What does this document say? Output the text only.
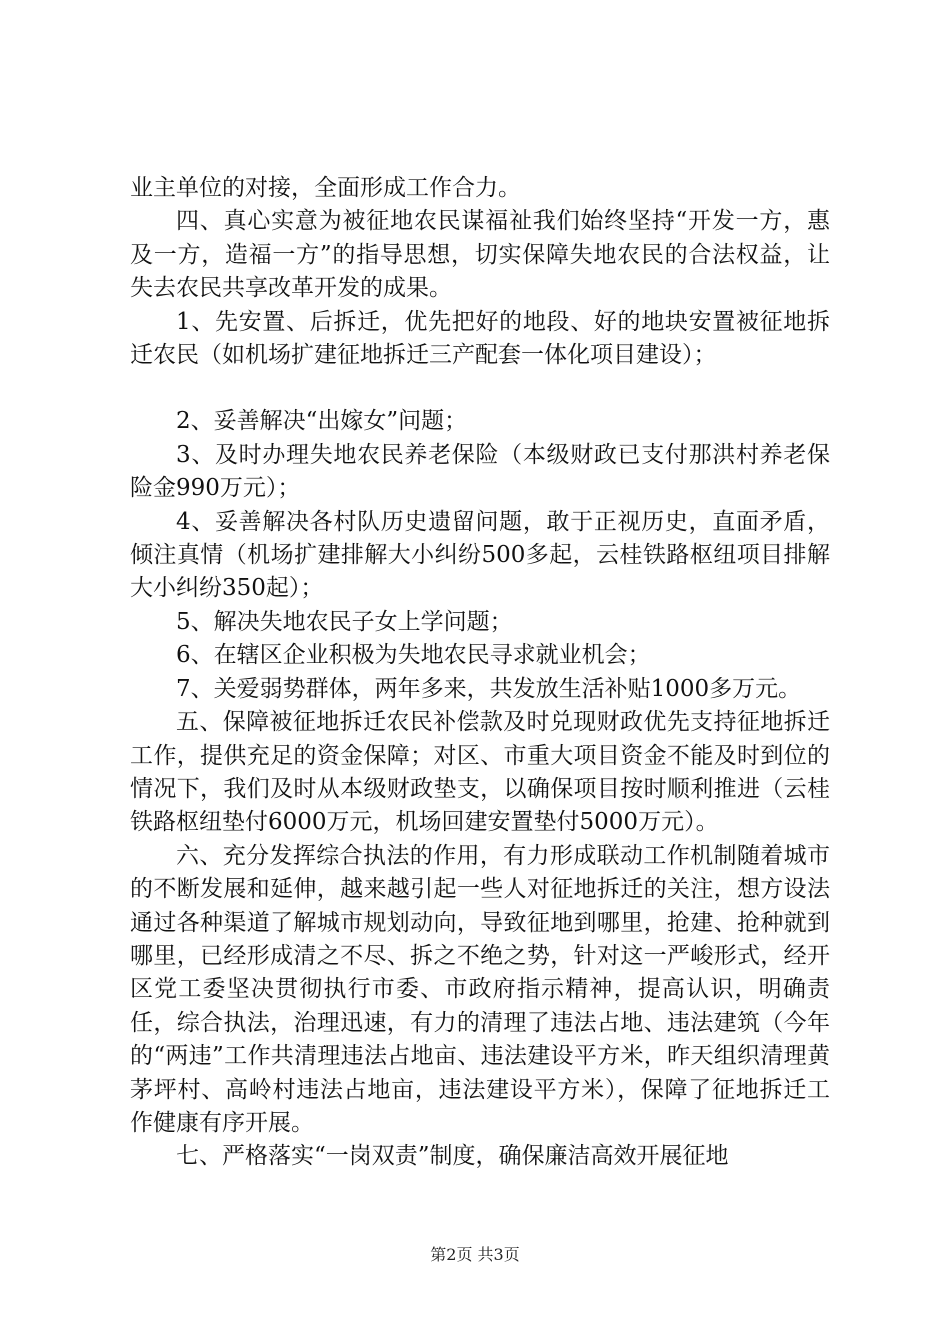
业主单位的对接，全面形成工作合力。

四、真心实意为被征地农民谋福祉我们始终坚持“开发一方，惠及一方，造福一方”的指导思想，切实保障失地农民的合法权益，让失去农民共享改革开发的成果。

1、先安置、后拆迁，优先把好的地段、好的地块安置被征地拆迁农民（如机场扩建征地拆迁三产配套一体化项目建设）；

2、妥善解决“出嫁女”问题；

3、及时办理失地农民养老保险（本级财政已支付那洪村养老保险金990万元）；

4、妥善解决各村队历史遗留问题，敢于正视历史，直面矛盾，倾注真情（机场扩建排解大小纠纷500多起，云桂铁路枢纽项目排解大小纠纷350起）；

5、解决失地农民子女上学问题；

6、在辖区企业积极为失地农民寻求就业机会；

7、关爱弱势群体，两年多来，共发放生活补贴1000多万元。

五、保障被征地拆迁农民补偿款及时兑现财政优先支持征地拆迁工作，提供充足的资金保障；对区、市重大项目资金不能及时到位的情况下，我们及时从本级财政垫支，以确保项目按时顺利推进（云桂铁路枢纽垫付6000万元，机场回建安置垫付5000万元）。

六、充分发挥综合执法的作用，有力形成联动工作机制随着城市的不断发展和延伸，越来越引起一些人对征地拆迁的关注，想方设法通过各种渠道了解城市规划动向，导致征地到哪里，抢建、抢种就到哪里，已经形成清之不尽、拆之不绝之势，针对这一严峻形式，经开区党工委坚决贯彻执行市委、市政府指示精神，提高认识，明确责任，综合执法，治理迅速，有力的清理了违法占地、违法建筑（今年的“两违”工作共清理违法占地亩、违法建设平方米，昨天组织清理黄茅坪村、高岭村违法占地亩，违法建设平方米），保障了征地拆迁工作健康有序开展。

七、严格落实“一岗双责”制度，确保廉洁高效开展征地

第2页 共3页
